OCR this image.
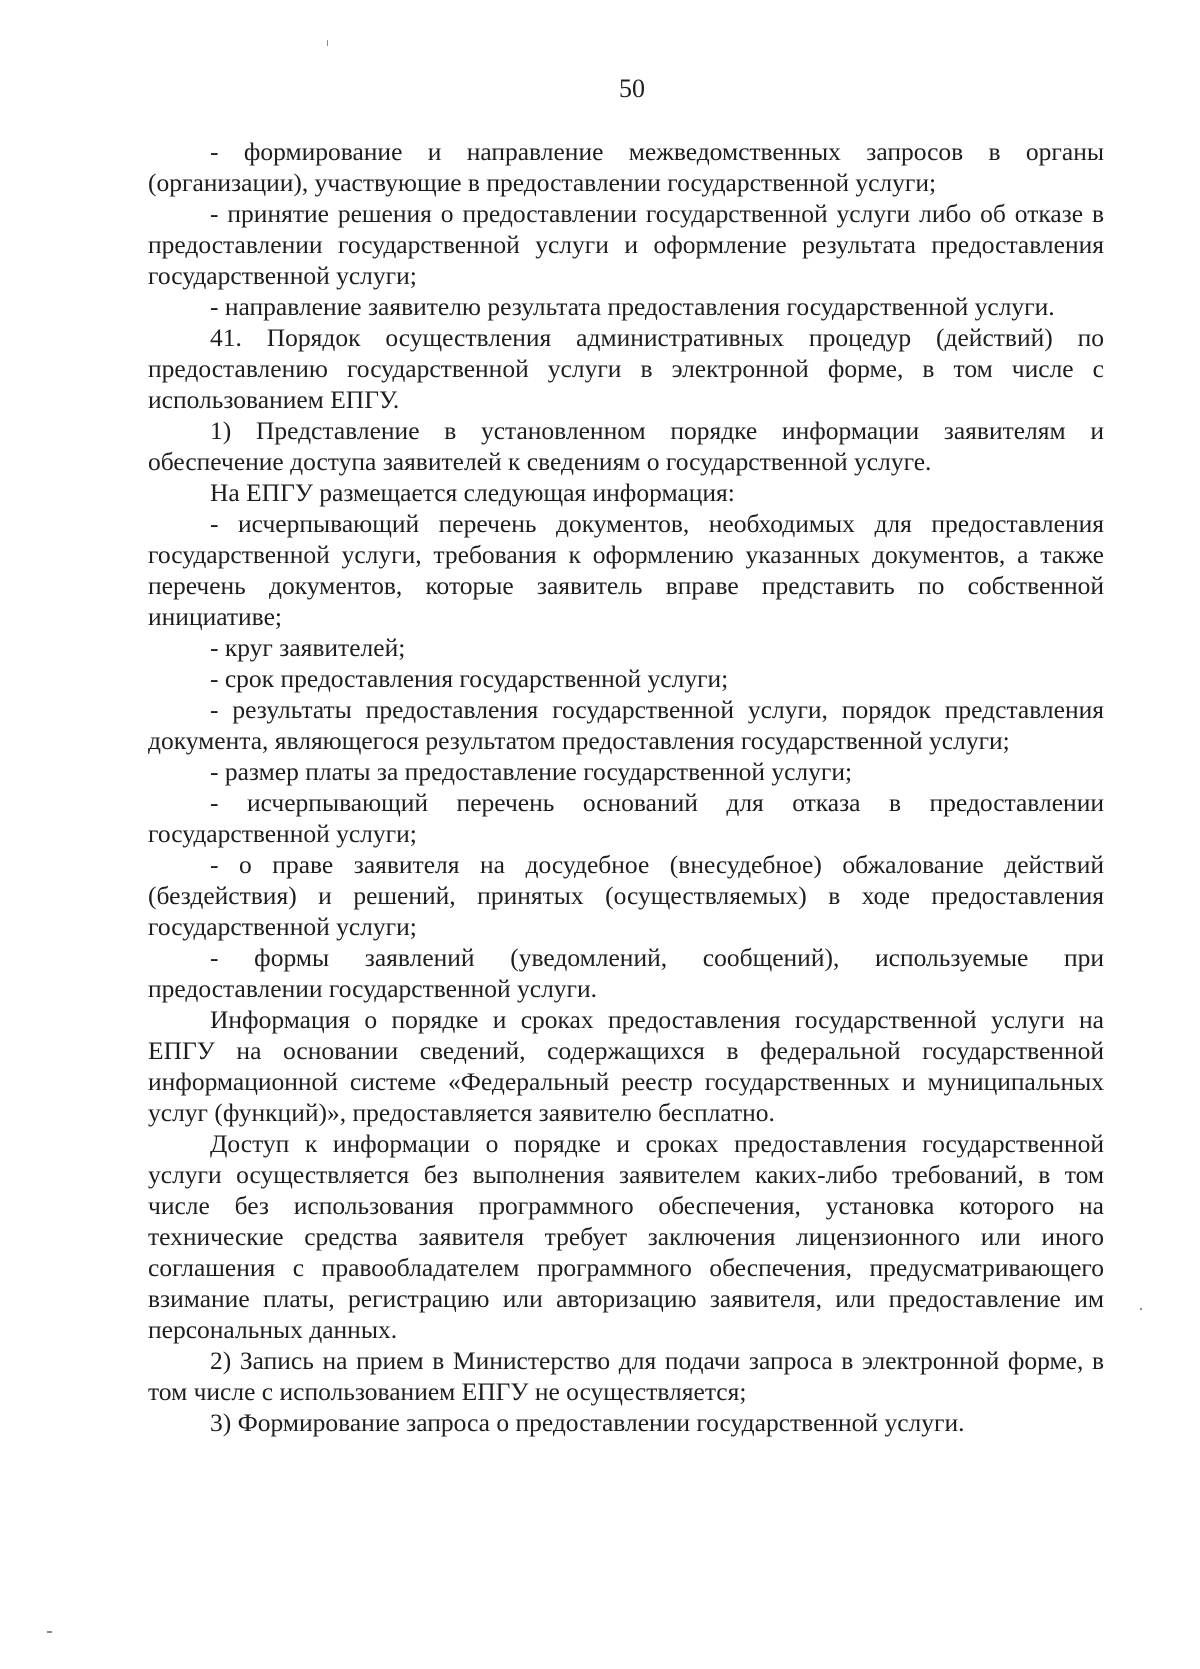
50

- формирование и направление межведомственных запросов в органы (организации), участвующие в предоставлении государственной услуги;

- принятие решения о предоставлении государственной услуги либо об отказе в предоставлении государственной услуги и оформление результата предоставления государственной услуги;

- направление заявителю результата предоставления государственной услуги.

41. Порядок осуществления административных процедур (действий) по предоставлению государственной услуги в электронной форме, в том числе с использованием ЕПГУ.

1) Представление в установленном порядке информации заявителям и обеспечение доступа заявителей к сведениям о государственной услуге.

На ЕПГУ размещается следующая информация:

- исчерпывающий перечень документов, необходимых для предоставления государственной услуги, требования к оформлению указанных документов, а также перечень документов, которые заявитель вправе представить по собственной инициативе;

- круг заявителей;

- срок предоставления государственной услуги;

- результаты предоставления государственной услуги, порядок представления документа, являющегося результатом предоставления государственной услуги;

- размер платы за предоставление государственной услуги;

- исчерпывающий перечень оснований для отказа в предоставлении государственной услуги;

- о праве заявителя на досудебное (внесудебное) обжалование действий (бездействия) и решений, принятых (осуществляемых) в ходе предоставления государственной услуги;

- формы заявлений (уведомлений, сообщений), используемые при предоставлении государственной услуги.

Информация о порядке и сроках предоставления государственной услуги на ЕПГУ на основании сведений, содержащихся в федеральной государственной информационной системе «Федеральный реестр государственных и муниципальных услуг (функций)», предоставляется заявителю бесплатно.

Доступ к информации о порядке и сроках предоставления государственной услуги осуществляется без выполнения заявителем каких-либо требований, в том числе без использования программного обеспечения, установка которого на технические средства заявителя требует заключения лицензионного или иного соглашения с правообладателем программного обеспечения, предусматривающего взимание платы, регистрацию или авторизацию заявителя, или предоставление им персональных данных.

2) Запись на прием в Министерство для подачи запроса в электронной форме, в том числе с использованием ЕПГУ не осуществляется;

3) Формирование запроса о предоставлении государственной услуги.
